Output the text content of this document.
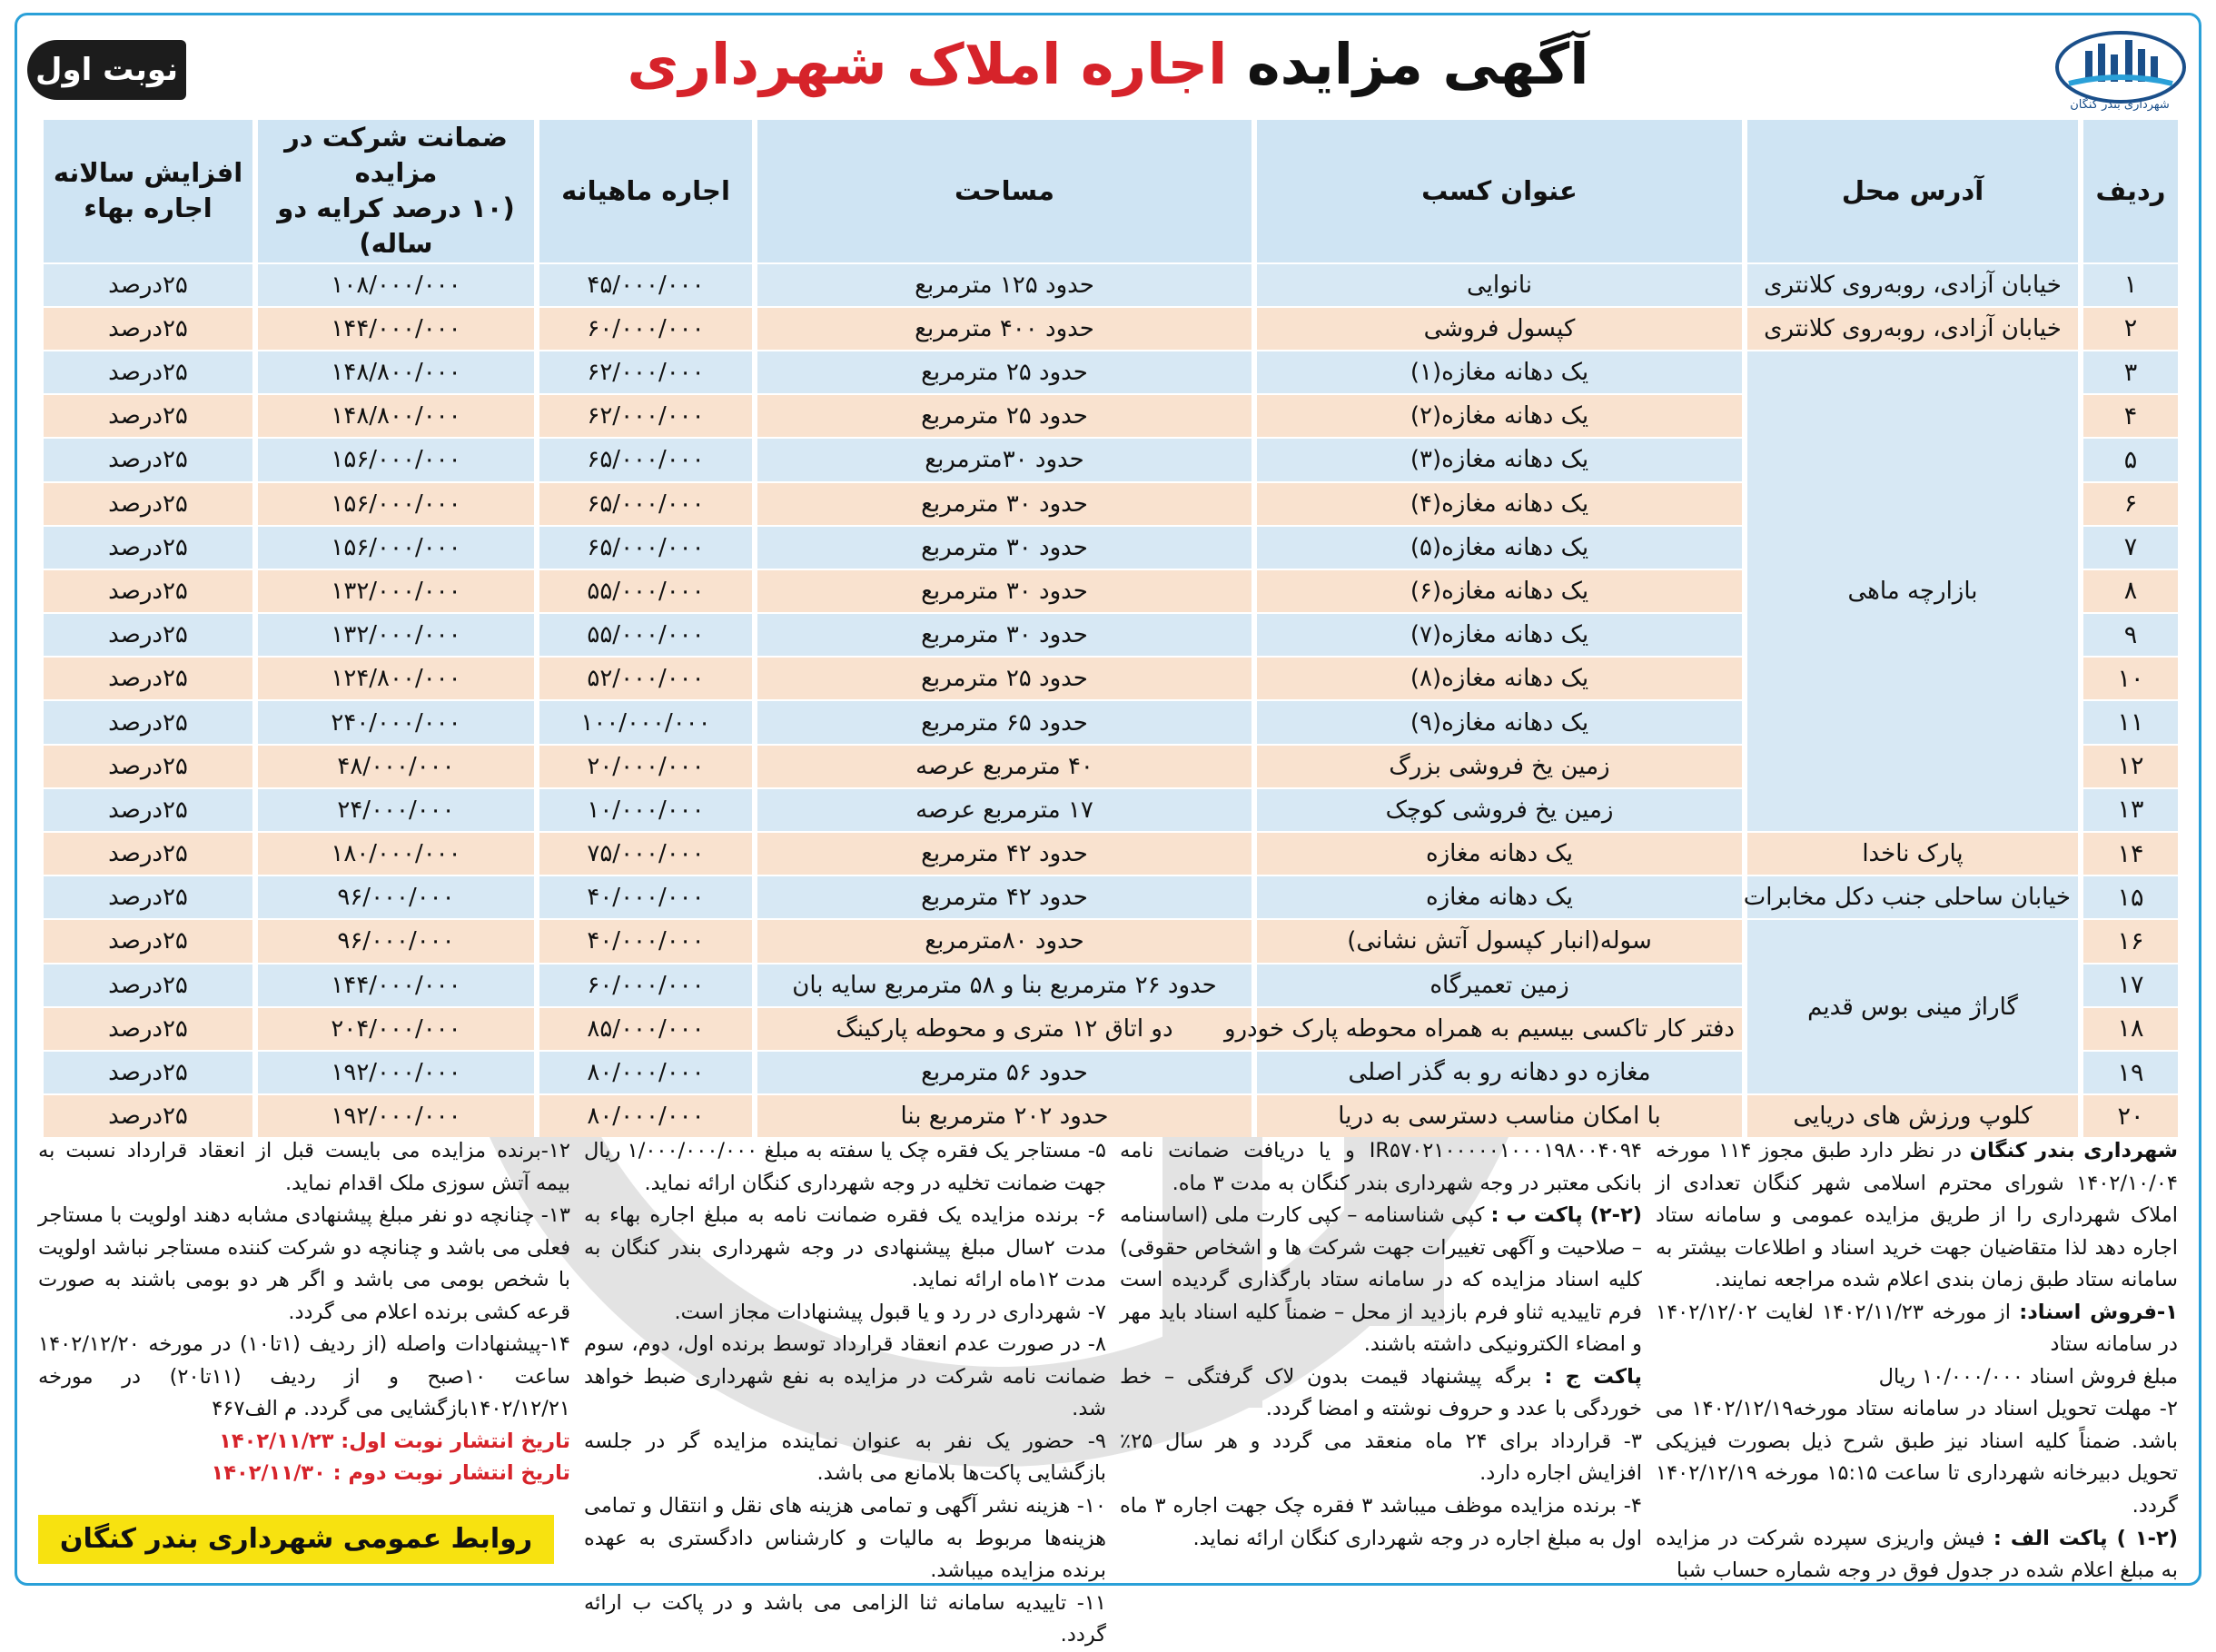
نوبت اول	آگهی مزایده اجاره املاک شهرداری
شهرداری بندر کنگان
ردیف	آدرس محل	عنوان کسب	مساحت	اجاره ماهیانه	ضمانت شرکت در مزایده
(۱۰ درصد کرایه دو ساله)	افزایش سالانه
اجاره بهاء
۱	خیابان آزادی، روبه‌روی کلانتری	نانوایی	حدود ۱۲۵ مترمربع	۴۵/۰۰۰/۰۰۰	۱۰۸/۰۰۰/۰۰۰	۲۵درصد
۲	خیابان آزادی، روبه‌روی کلانتری	کپسول فروشی	حدود ۴۰۰ مترمربع	۶۰/۰۰۰/۰۰۰	۱۴۴/۰۰۰/۰۰۰	۲۵درصد
۳	بازارچه ماهی	یک دهانه مغازه(۱)	حدود ۲۵ مترمربع	۶۲/۰۰۰/۰۰۰	۱۴۸/۸۰۰/۰۰۰	۲۵درصد
۴		یک دهانه مغازه(۲)	حدود ۲۵ مترمربع	۶۲/۰۰۰/۰۰۰	۱۴۸/۸۰۰/۰۰۰	۲۵درصد
۵		یک دهانه مغازه(۳)	حدود ۳۰مترمربع	۶۵/۰۰۰/۰۰۰	۱۵۶/۰۰۰/۰۰۰	۲۵درصد
۶		یک دهانه مغازه(۴)	حدود ۳۰ مترمربع	۶۵/۰۰۰/۰۰۰	۱۵۶/۰۰۰/۰۰۰	۲۵درصد
۷		یک دهانه مغازه(۵)	حدود ۳۰ مترمربع	۶۵/۰۰۰/۰۰۰	۱۵۶/۰۰۰/۰۰۰	۲۵درصد
۸		یک دهانه مغازه(۶)	حدود ۳۰ مترمربع	۵۵/۰۰۰/۰۰۰	۱۳۲/۰۰۰/۰۰۰	۲۵درصد
۹		یک دهانه مغازه(۷)	حدود ۳۰ مترمربع	۵۵/۰۰۰/۰۰۰	۱۳۲/۰۰۰/۰۰۰	۲۵درصد
۱۰		یک دهانه مغازه(۸)	حدود ۲۵ مترمربع	۵۲/۰۰۰/۰۰۰	۱۲۴/۸۰۰/۰۰۰	۲۵درصد
۱۱		یک دهانه مغازه(۹)	حدود ۶۵ مترمربع	۱۰۰/۰۰۰/۰۰۰	۲۴۰/۰۰۰/۰۰۰	۲۵درصد
۱۲		زمین یخ فروشی بزرگ	۴۰ مترمربع عرصه	۲۰/۰۰۰/۰۰۰	۴۸/۰۰۰/۰۰۰	۲۵درصد
۱۳		زمین یخ فروشی کوچک	۱۷ مترمربع عرصه	۱۰/۰۰۰/۰۰۰	۲۴/۰۰۰/۰۰۰	۲۵درصد
۱۴	پارک ناخدا	یک دهانه مغازه	حدود ۴۲ مترمربع	۷۵/۰۰۰/۰۰۰	۱۸۰/۰۰۰/۰۰۰	۲۵درصد
۱۵	خیابان ساحلی جنب دکل مخابرات	یک دهانه مغازه	حدود ۴۲ مترمربع	۴۰/۰۰۰/۰۰۰	۹۶/۰۰۰/۰۰۰	۲۵درصد
۱۶	گاراژ مینی بوس قدیم	سوله(انبار کپسول آتش نشانی)	حدود ۸۰مترمربع	۴۰/۰۰۰/۰۰۰	۹۶/۰۰۰/۰۰۰	۲۵درصد
۱۷		زمین تعمیرگاه	حدود ۲۶ مترمربع بنا و ۵۸ مترمربع سایه بان	۶۰/۰۰۰/۰۰۰	۱۴۴/۰۰۰/۰۰۰	۲۵درصد
۱۸		دفتر کار تاکسی بیسیم به همراه محوطه پارک خودرو	دو اتاق ۱۲ متری و محوطه پارکینگ	۸۵/۰۰۰/۰۰۰	۲۰۴/۰۰۰/۰۰۰	۲۵درصد
۱۹		مغازه دو دهانه رو به گذر اصلی	حدود ۵۶ مترمربع	۸۰/۰۰۰/۰۰۰	۱۹۲/۰۰۰/۰۰۰	۲۵درصد
۲۰	کلوپ ورزش های دریایی	با امکان مناسب دسترسی به دریا	حدود ۲۰۲ مترمربع بنا	۸۰/۰۰۰/۰۰۰	۱۹۲/۰۰۰/۰۰۰	۲۵درصد
شهرداری بندر کنگان در نظر دارد طبق مجوز ۱۱۴ مورخه ۱۴۰۲/۱۰/۰۴ شورای محترم اسلامی شهر کنگان تعدادی از املاک شهرداری را از طریق مزایده عمومی و سامانه ستاد اجاره دهد لذا متقاضیان جهت خرید اسناد و اطلاعات بیشتر به سامانه ستاد طبق زمان بندی اعلام شده مراجعه نمایند.
۱-فروش اسناد: از مورخه ۱۴۰۲/۱۱/۲۳ لغایت ۱۴۰۲/۱۲/۰۲ در سامانه ستاد
مبلغ فروش اسناد ۱۰/۰۰۰/۰۰۰ ریال
۲- مهلت تحویل اسناد در سامانه ستاد مورخه۱۴۰۲/۱۲/۱۹ می باشد. ضمناً کلیه اسناد نیز طبق شرح ذیل بصورت فیزیکی تحویل دبیرخانه شهرداری تا ساعت ۱۵:۱۵ مورخه ۱۴۰۲/۱۲/۱۹ گردد.
(۱-۲ ) پاکت الف : فیش واریزی سپرده شرکت در مزایده به مبلغ اعلام شده در جدول فوق در وجه شماره حساب شبا
IR۵۷۰۲۱۰۰۰۰۰۱۰۰۰۱۹۸۰۰۴۰۹۴ و یا دریافت ضمانت نامه بانکی معتبر در وجه شهرداری بندر کنگان به مدت ۳ ماه.
(۲-۲) پاکت ب : کپی شناسنامه – کپی کارت ملی (اساسنامه – صلاحیت و آگهی تغییرات جهت شرکت ها و اشخاص حقوقی) کلیه اسناد مزایده که در سامانه ستاد بارگذاری گردیده است فرم تاییدیه ثناو فرم بازدید از محل – ضمناً کلیه اسناد باید مهر و امضاء الکترونیکی داشته باشند.
پاکت ج : برگه پیشنهاد قیمت بدون لاک گرفتگی – خط خوردگی با عدد و حروف نوشته و امضا گردد.
۳- قرارداد برای ۲۴ ماه منعقد می گردد و هر سال ۲۵٪ افزایش اجاره دارد.
۴- برنده مزایده موظف میباشد ۳ فقره چک جهت اجاره ۳ ماه اول به مبلغ اجاره در وجه شهرداری کنگان ارائه نماید.
۵- مستاجر یک فقره چک یا سفته به مبلغ ۱/۰۰۰/۰۰۰/۰۰۰ ریال جهت ضمانت تخلیه در وجه شهرداری کنگان ارائه نماید.
۶- برنده مزایده یک فقره ضمانت نامه به مبلغ اجاره بهاء به مدت ۲سال مبلغ پیشنهادی در وجه شهرداری بندر کنگان به مدت ۱۲ماه ارائه نماید.
۷- شهرداری در رد و یا قبول پیشنهادات مجاز است.
۸- در صورت عدم انعقاد قرارداد توسط برنده اول، دوم، سوم ضمانت نامه شرکت در مزایده به نفع شهرداری ضبط خواهد شد.
۹- حضور یک نفر به عنوان نماینده مزایده گر در جلسه بازگشایی پاکت‌ها بلامانع می باشد.
۱۰- هزینه نشر آگهی و تمامی هزینه های نقل و انتقال و تمامی هزینه‌ها مربوط به مالیات و کارشناس دادگستری به عهده برنده مزایده میباشد.
۱۱- تاییدیه سامانه ثنا الزامی می باشد و در پاکت ب ارائه گردد.
۱۲-برنده مزایده می بایست قبل از انعقاد قرارداد نسبت به بیمه آتش سوزی ملک اقدام نماید.
۱۳- چنانچه دو نفر مبلغ پیشنهادی مشابه دهند اولویت با مستاجر فعلی می باشد و چنانچه دو شرکت کننده مستاجر نباشد اولویت با شخص بومی می باشد و اگر هر دو بومی باشند به صورت قرعه کشی برنده اعلام می گردد.
۱۴-پیشنهادات واصله (از ردیف (۱تا۱۰) در مورخه ۱۴۰۲/۱۲/۲۰ ساعت ۱۰صبح و از ردیف (۱۱تا۲۰) در مورخه ۱۴۰۲/۱۲/۲۱بازگشایی می گردد. م الف۴۶۷

تاریخ انتشار نوبت اول: ۱۴۰۲/۱۱/۲۳
تاریخ انتشار نوبت دوم : ۱۴۰۲/۱۱/۳۰
روابط عمومی شهرداری بندر کنگان
